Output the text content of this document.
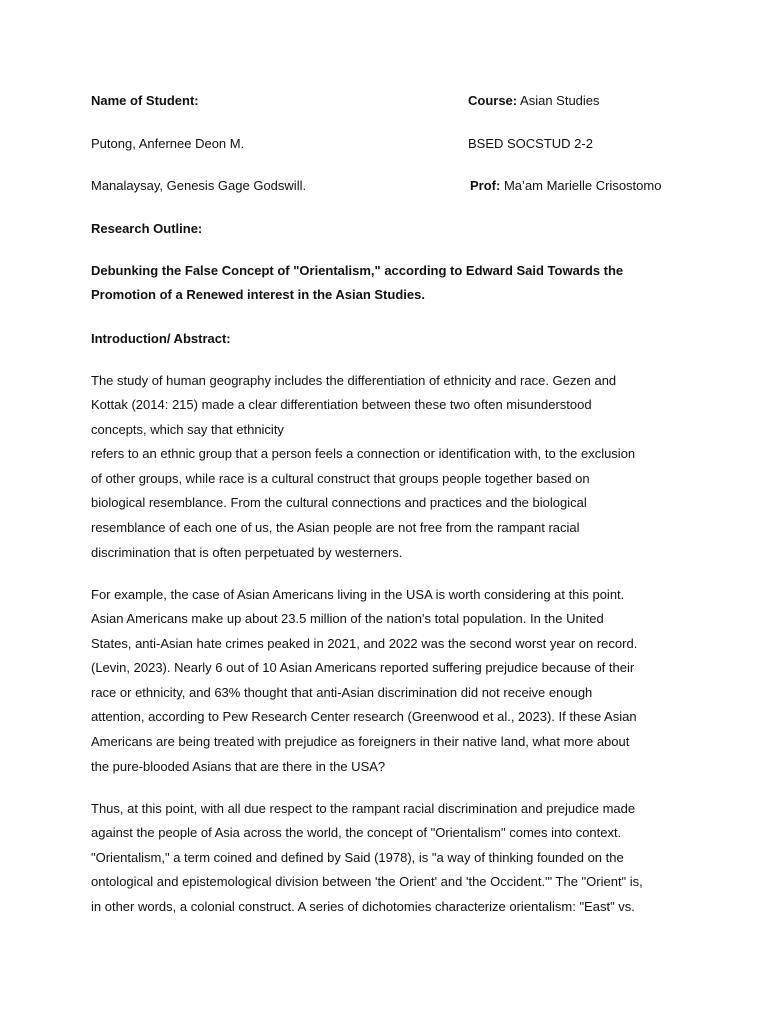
Name of Student:	Course: Asian Studies
Putong, Anfernee Deon M.	BSED SOCSTUD 2-2
Manalaysay, Genesis Gage Godswill.	Prof: Ma’am Marielle Crisostomo
Research Outline:
Debunking the False Concept of "Orientalism," according to Edward Said Towards the
Promotion of a Renewed interest in the Asian Studies.
Introduction/ Abstract:
The study of human geography includes the differentiation of ethnicity and race. Gezen and
Kottak (2014: 215) made a clear differentiation between these two often misunderstood
concepts, which say that ethnicity
refers to an ethnic group that a person feels a connection or identification with, to the exclusion
of other groups, while race is a cultural construct that groups people together based on
biological resemblance. From the cultural connections and practices and the biological
resemblance of each one of us, the Asian people are not free from the rampant racial
discrimination that is often perpetuated by westerners.
For example, the case of Asian Americans living in the USA is worth considering at this point.
Asian Americans make up about 23.5 million of the nation's total population. In the United
States, anti-Asian hate crimes peaked in 2021, and 2022 was the second worst year on record.
(Levin, 2023). Nearly 6 out of 10 Asian Americans reported suffering prejudice because of their
race or ethnicity, and 63% thought that anti-Asian discrimination did not receive enough
attention, according to Pew Research Center research (Greenwood et al., 2023). If these Asian
Americans are being treated with prejudice as foreigners in their native land, what more about
the pure-blooded Asians that are there in the USA?
Thus, at this point, with all due respect to the rampant racial discrimination and prejudice made
against the people of Asia across the world, the concept of "Orientalism" comes into context.
"Orientalism," a term coined and defined by Said (1978), is "a way of thinking founded on the
ontological and epistemological division between 'the Orient' and 'the Occident.'" The "Orient" is,
in other words, a colonial construct. A series of dichotomies characterize orientalism: "East" vs.
